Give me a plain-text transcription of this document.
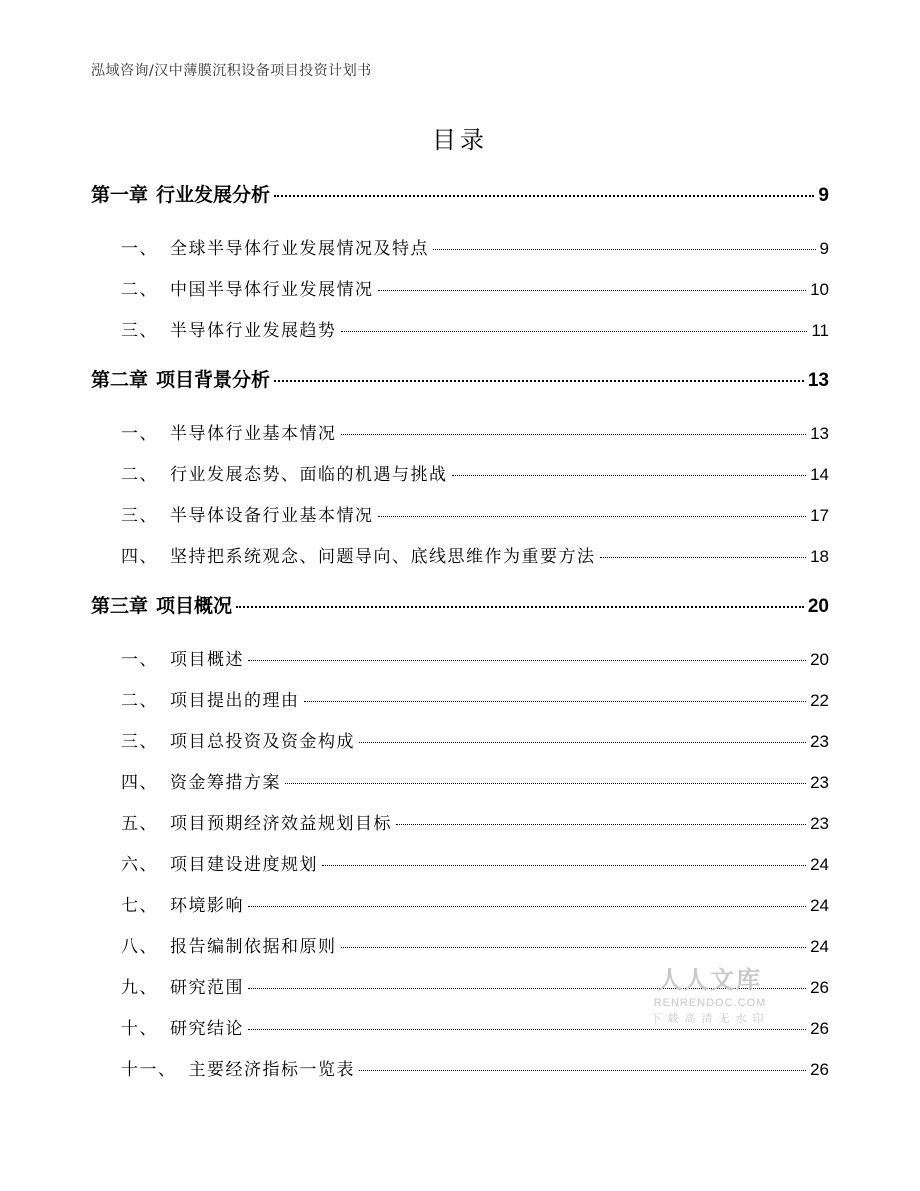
泓域咨询/汉中薄膜沉积设备项目投资计划书
目录
第一章 行业发展分析	9
一、 全球半导体行业发展情况及特点	9
二、 中国半导体行业发展情况	10
三、 半导体行业发展趋势	11
第二章 项目背景分析	13
一、 半导体行业基本情况	13
二、 行业发展态势、面临的机遇与挑战	14
三、 半导体设备行业基本情况	17
四、 坚持把系统观念、问题导向、底线思维作为重要方法	18
第三章 项目概况	20
一、 项目概述	20
二、 项目提出的理由	22
三、 项目总投资及资金构成	23
四、 资金筹措方案	23
五、 项目预期经济效益规划目标	23
六、 项目建设进度规划	24
七、 环境影响	24
八、 报告编制依据和原则	24
九、 研究范围	26
十、 研究结论	26
十一、 主要经济指标一览表	26
人人文库
RENRENDOC.COM
下载高清无水印
